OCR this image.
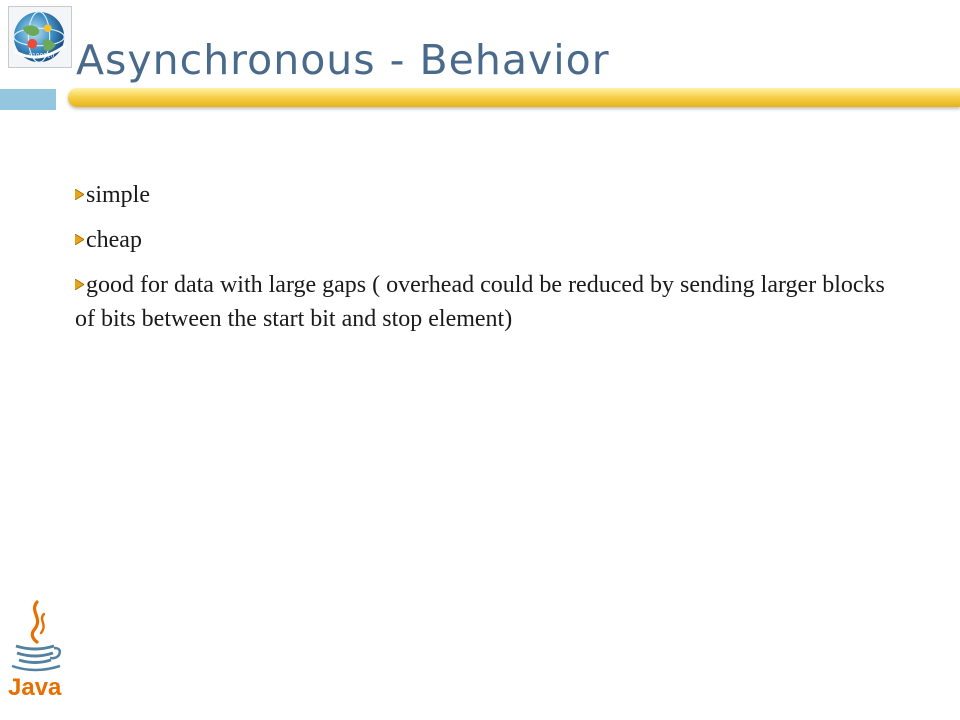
0100010 Asynchronous - Behavior
simple
cheap
good for data with large gaps ( overhead could be reduced by sending larger blocks of bits between the start bit and stop element)
Java
